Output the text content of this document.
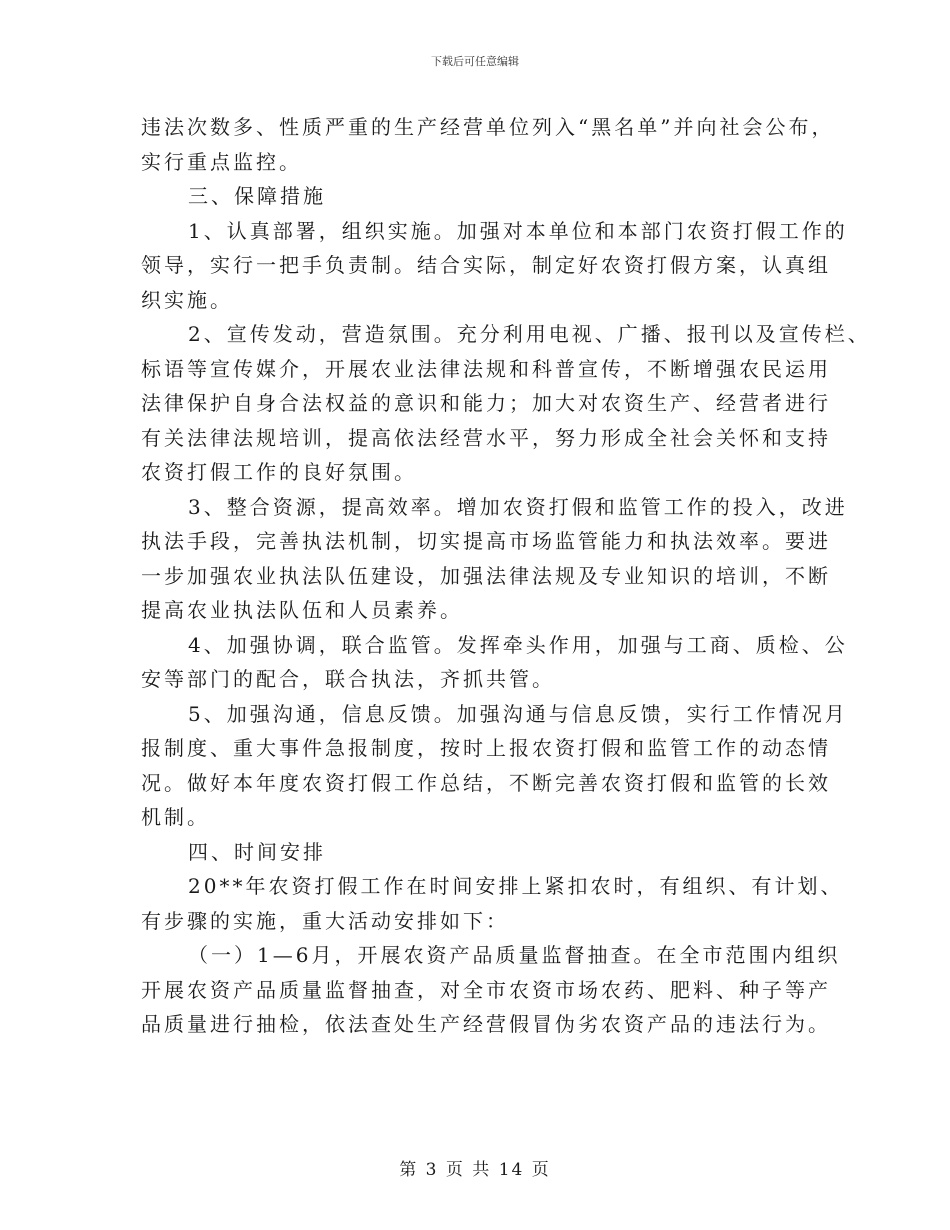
下载后可任意编辑
违法次数多、性质严重的生产经营单位列入“黑名单”并向社会公布，
实行重点监控。
三、保障措施
1、认真部署，组织实施。加强对本单位和本部门农资打假工作的
领导，实行一把手负责制。结合实际，制定好农资打假方案，认真组
织实施。
2、宣传发动，营造氛围。充分利用电视、广播、报刊以及宣传栏、
标语等宣传媒介，开展农业法律法规和科普宣传，不断增强农民运用
法律保护自身合法权益的意识和能力；加大对农资生产、经营者进行
有关法律法规培训，提高依法经营水平，努力形成全社会关怀和支持
农资打假工作的良好氛围。
3、整合资源，提高效率。增加农资打假和监管工作的投入，改进
执法手段，完善执法机制，切实提高市场监管能力和执法效率。要进
一步加强农业执法队伍建设，加强法律法规及专业知识的培训，不断
提高农业执法队伍和人员素养。
4、加强协调，联合监管。发挥牵头作用，加强与工商、质检、公
安等部门的配合，联合执法，齐抓共管。
5、加强沟通，信息反馈。加强沟通与信息反馈，实行工作情况月
报制度、重大事件急报制度，按时上报农资打假和监管工作的动态情
况。做好本年度农资打假工作总结，不断完善农资打假和监管的长效
机制。
四、时间安排
20**年农资打假工作在时间安排上紧扣农时，有组织、有计划、
有步骤的实施，重大活动安排如下：
（一）1—6月，开展农资产品质量监督抽查。在全市范围内组织
开展农资产品质量监督抽查，对全市农资市场农药、肥料、种子等产
品质量进行抽检，依法查处生产经营假冒伪劣农资产品的违法行为。
第 3 页 共 14 页
